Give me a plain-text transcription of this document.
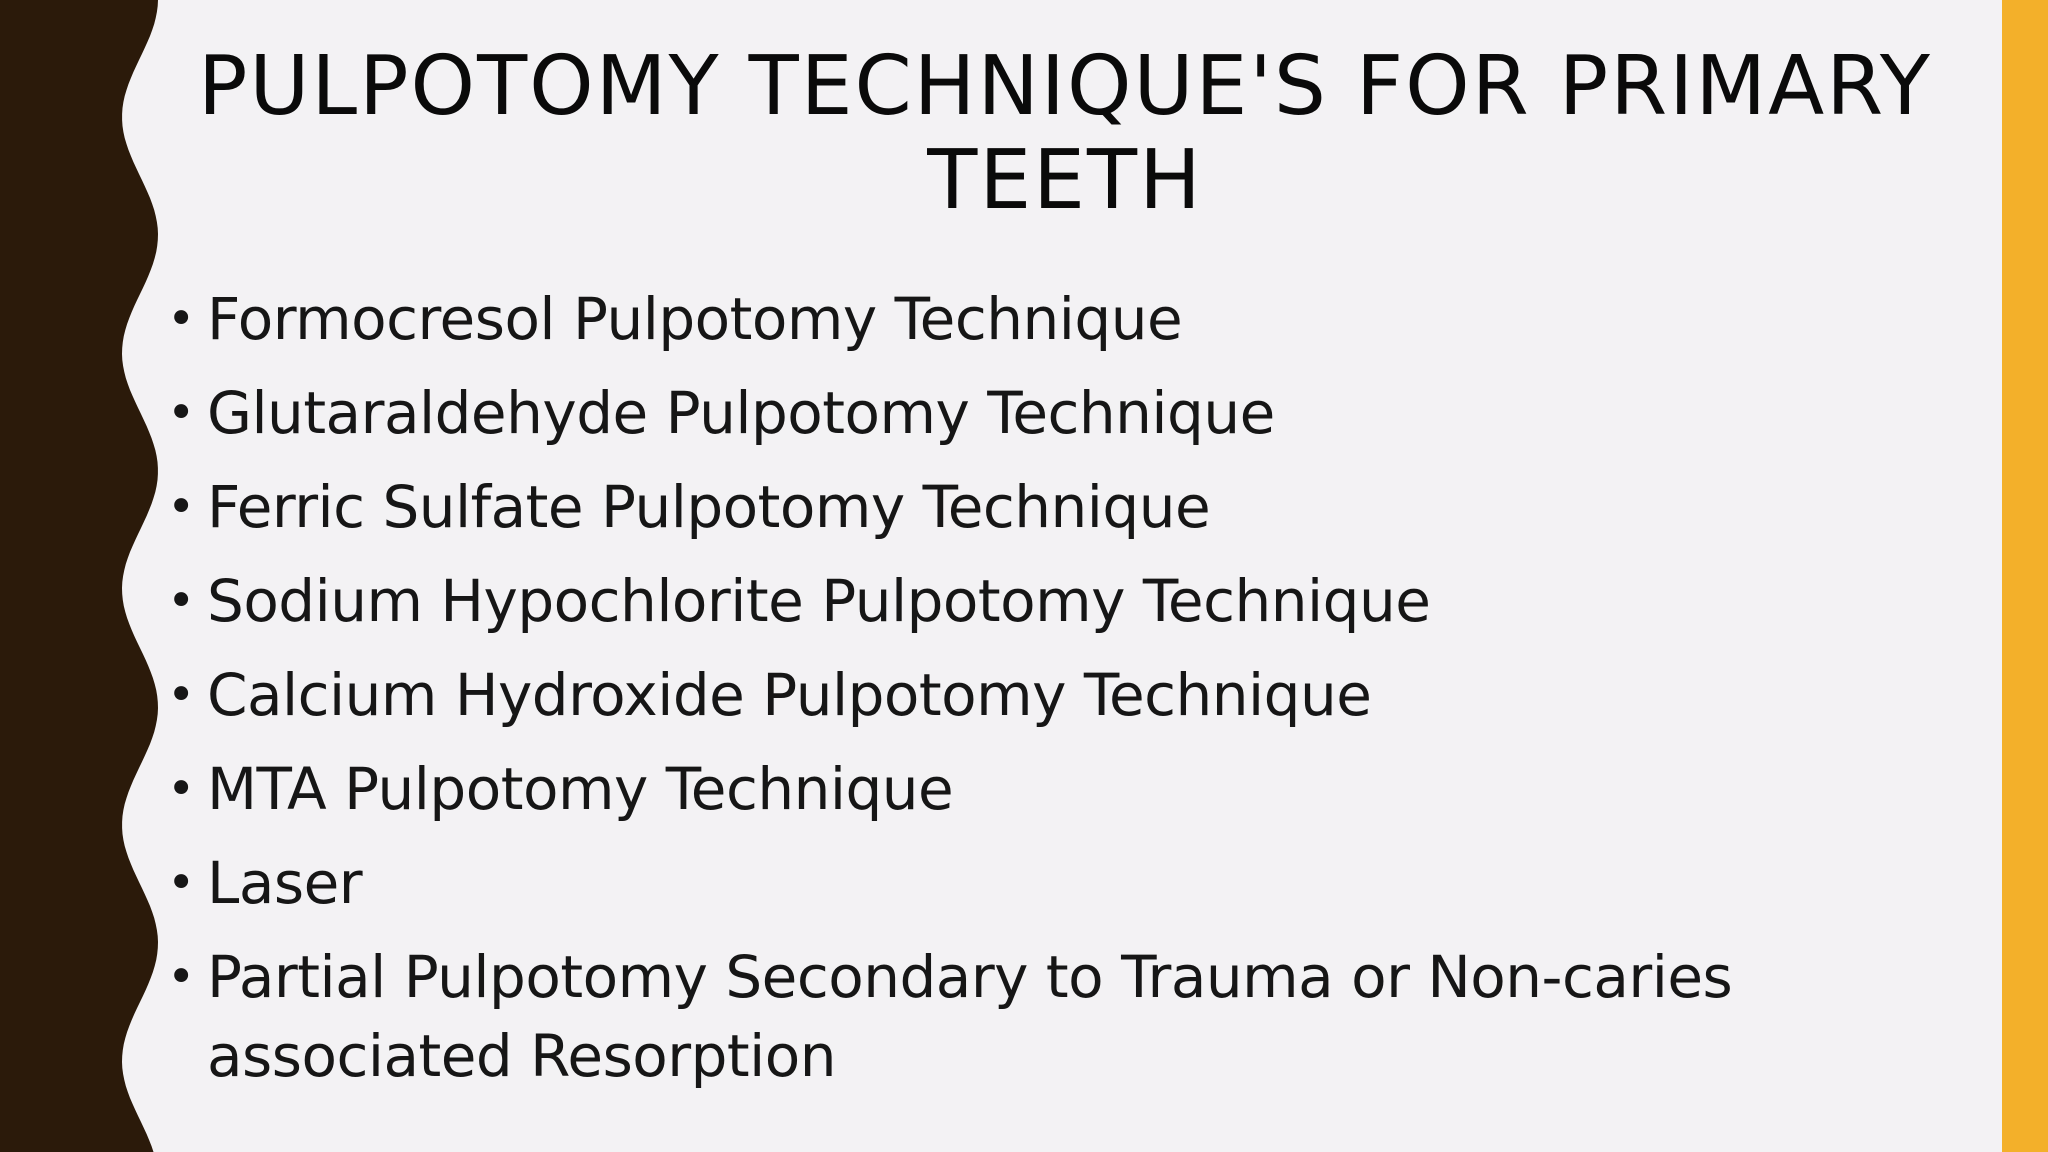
PULPOTOMY TECHNIQUE'S FOR PRIMARY TEETH
• Formocresol Pulpotomy Technique
• Glutaraldehyde Pulpotomy Technique
• Ferric Sulfate Pulpotomy Technique
• Sodium Hypochlorite Pulpotomy Technique
• Calcium Hydroxide Pulpotomy Technique
• MTA Pulpotomy Technique
• Laser
• Partial Pulpotomy Secondary to Trauma or Non-caries associated Resorption
